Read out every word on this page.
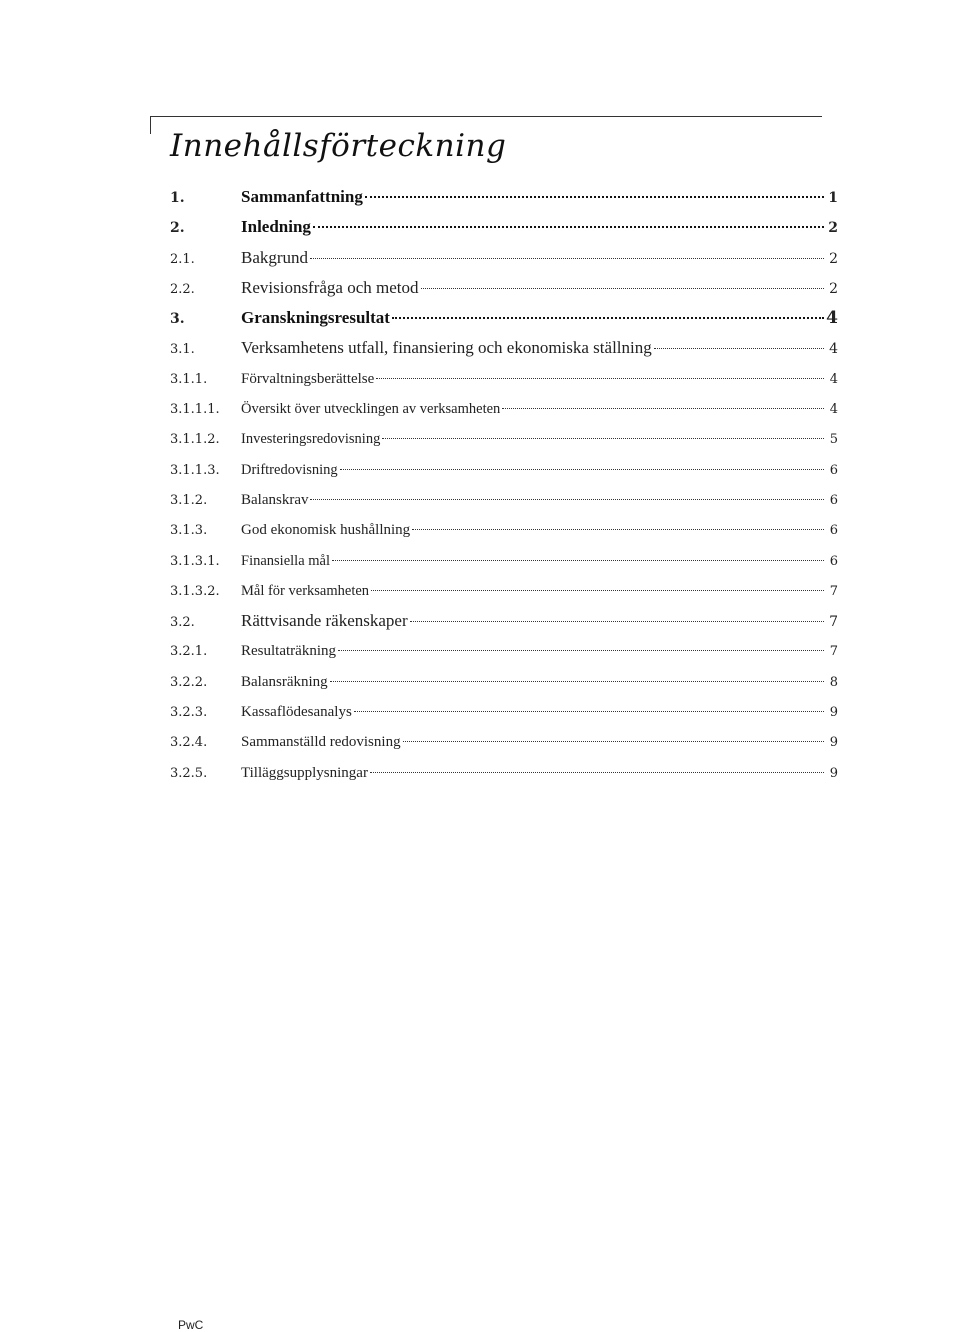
Innehållsförteckning
1.	Sammanfattning	1
2.	Inledning	2
2.1.	Bakgrund	2
2.2.	Revisionsfråga och metod	2
3.	Granskningsresultat	4
3.1.	Verksamhetens utfall, finansiering och ekonomiska ställning	4
3.1.1.	Förvaltningsberättelse	4
3.1.1.1.	Översikt över utvecklingen av verksamheten	4
3.1.1.2.	Investeringsredovisning	5
3.1.1.3.	Driftredovisning	6
3.1.2.	Balanskrav	6
3.1.3.	God ekonomisk hushållning	6
3.1.3.1.	Finansiella mål	6
3.1.3.2.	Mål för verksamheten	7
3.2.	Rättvisande räkenskaper	7
3.2.1.	Resultaträkning	7
3.2.2.	Balansräkning	8
3.2.3.	Kassaflödesanalys	9
3.2.4.	Sammanställd redovisning	9
3.2.5.	Tilläggsupplysningar	9
PwC
